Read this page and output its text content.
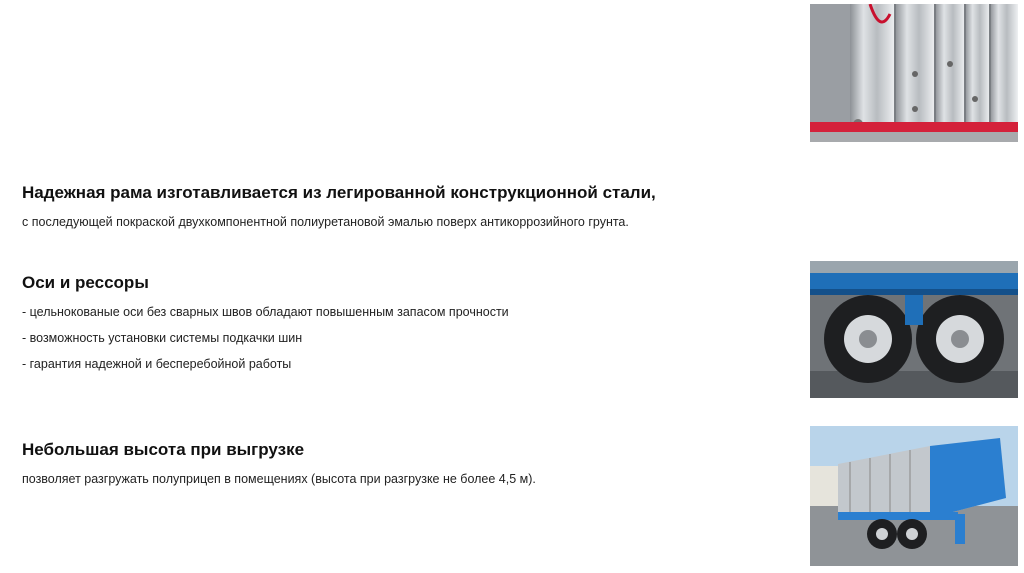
Надежная рама изготавливается из легированной конструкционной стали,

с последующей покраской двухкомпонентной полиуретановой эмалью поверх антикоррозийного грунта.

Оси и рессоры

- цельнокованые оси без сварных швов обладают повышенным запасом прочности

- возможность установки системы подкачки шин

- гарантия надежной и бесперебойной работы

Небольшая высота при выгрузке

позволяет разгружать полуприцеп в помещениях (высота при разгрузке не более 4,5 м).
